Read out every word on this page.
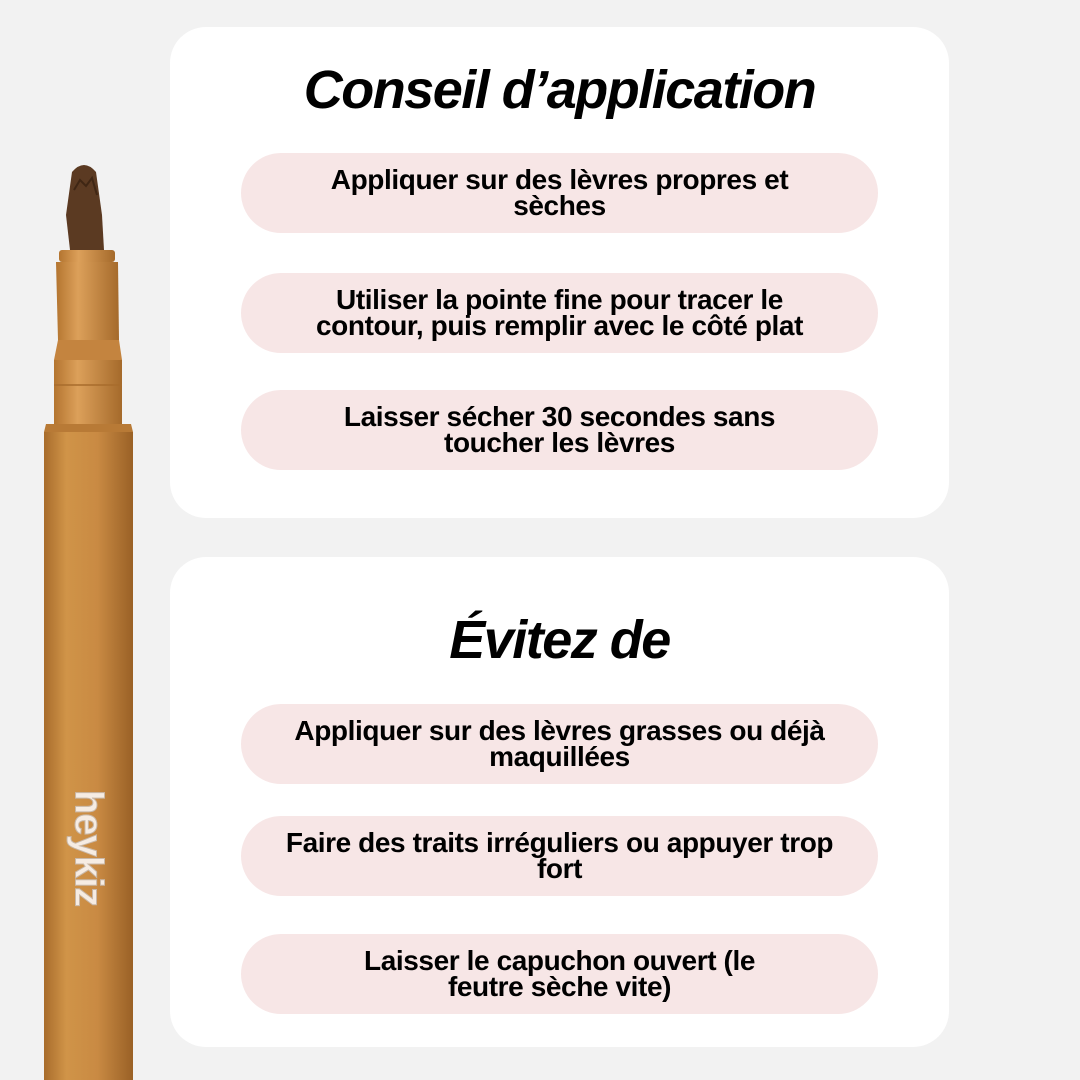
heykiz
Conseil d’application
Appliquer sur des lèvres propres et sèches
Utiliser la pointe fine pour tracer le contour, puis remplir avec le côté plat
Laisser sécher 30 secondes sans toucher les lèvres
Évitez de
Appliquer sur des lèvres grasses ou déjà maquillées
Faire des traits irréguliers ou appuyer trop fort
Laisser le capuchon ouvert (le feutre sèche vite)
